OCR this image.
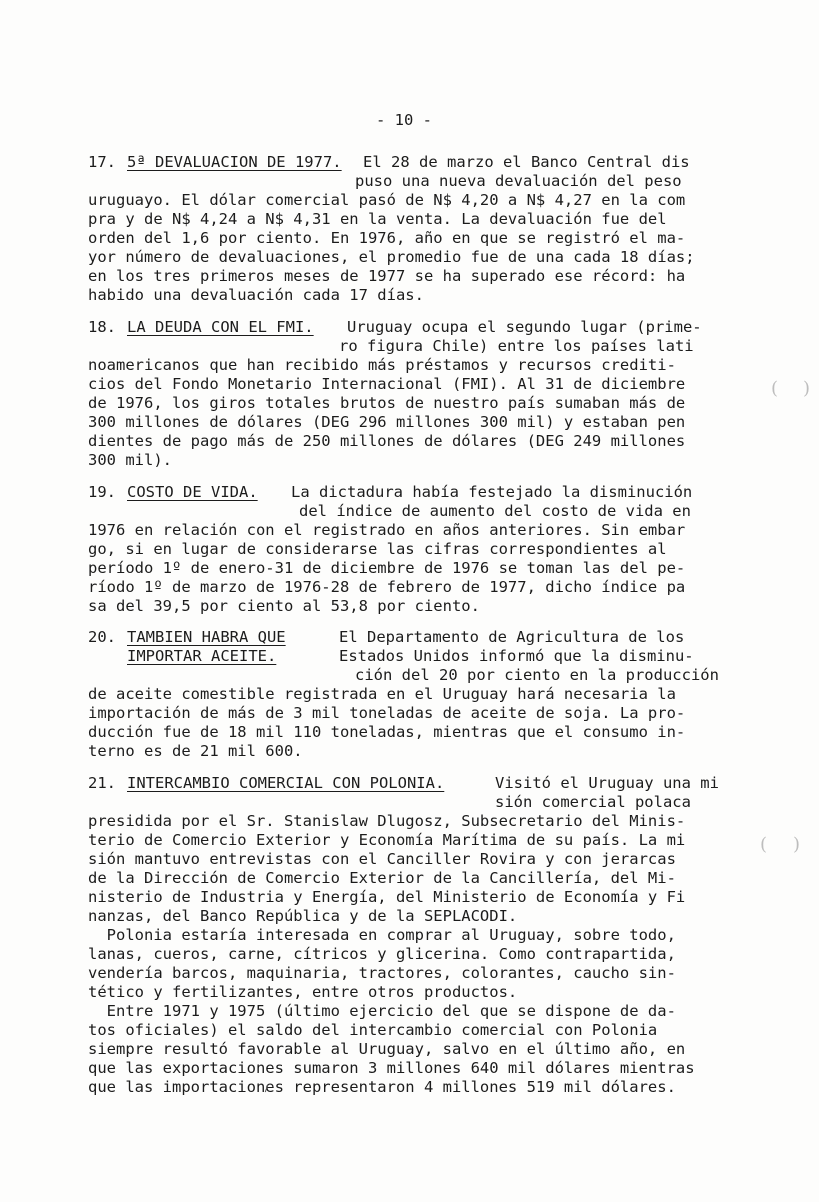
- 10 -
17. 5ª DEVALUACION DE 1977. El 28 de marzo el Banco Central dis
puso una nueva devaluación del peso
uruguayo. El dólar comercial pasó de N$ 4,20 a N$ 4,27 en la com
pra y de N$ 4,24 a N$ 4,31 en la venta. La devaluación fue del
orden del 1,6 por ciento. En 1976, año en que se registró el ma-
yor número de devaluaciones, el promedio fue de una cada 18 días;
en los tres primeros meses de 1977 se ha superado ese récord: ha
habido una devaluación cada 17 días.
18. LA DEUDA CON EL FMI. Uruguay ocupa el segundo lugar (prime-
ro figura Chile) entre los países lati
noamericanos que han recibido más préstamos y recursos crediti-
cios del Fondo Monetario Internacional (FMI). Al 31 de diciembre
de 1976, los giros totales brutos de nuestro país sumaban más de
300 millones de dólares (DEG 296 millones 300 mil) y estaban pen
dientes de pago más de 250 millones de dólares (DEG 249 millones
300 mil).
19. COSTO DE VIDA. La dictadura había festejado la disminución
del índice de aumento del costo de vida en
1976 en relación con el registrado en años anteriores. Sin embar
go, si en lugar de considerarse las cifras correspondientes al
período 1º de enero-31 de diciembre de 1976 se toman las del pe-
ríodo 1º de marzo de 1976-28 de febrero de 1977, dicho índice pa
sa del 39,5 por ciento al 53,8 por ciento.
20. TAMBIEN HABRA QUE
IMPORTAR ACEITE.
El Departamento de Agricultura de los
Estados Unidos informó que la disminu-
ción del 20 por ciento en la producción
de aceite comestible registrada en el Uruguay hará necesaria la
importación de más de 3 mil toneladas de aceite de soja. La pro-
ducción fue de 18 mil 110 toneladas, mientras que el consumo in-
terno es de 21 mil 600.
21. INTERCAMBIO COMERCIAL CON POLONIA.	Visitó el Uruguay una mi
sión comercial polaca
presidida por el Sr. Stanislaw Dlugosz, Subsecretario del Minis-
terio de Comercio Exterior y Economía Marítima de su país. La mi
sión mantuvo entrevistas con el Canciller Rovira y con jerarcas
de la Dirección de Comercio Exterior de la Cancillería, del Mi-
nisterio de Industria y Energía, del Ministerio de Economía y Fi
nanzas, del Banco República y de la SEPLACODI.
Polonia estaría interesada en comprar al Uruguay, sobre todo,
lanas, cueros, carne, cítricos y glicerina. Como contrapartida,
vendería barcos, maquinaria, tractores, colorantes, caucho sin-
tético y fertilizantes, entre otros productos.
Entre 1971 y 1975 (último ejercicio del que se dispone de da-
tos oficiales) el saldo del intercambio comercial con Polonia
siempre resultó favorable al Uruguay, salvo en el último año, en
que las exportaciones sumaron 3 millones 640 mil dólares mientras
que las importaciones representaron 4 millones 519 mil dólares.
( )
( )
